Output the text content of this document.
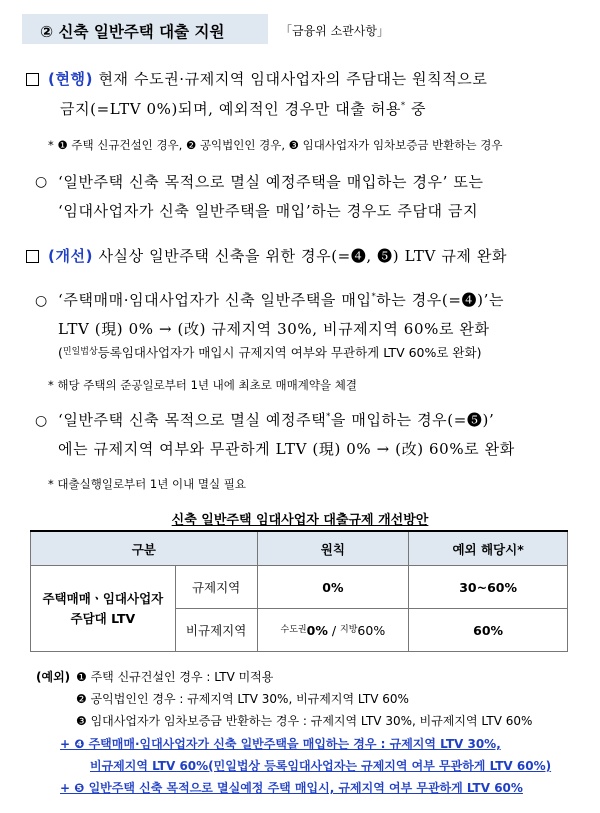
② 신축 일반주택 대출 지원	「금융위 소관사항」
(현행) 현재 수도권·규제지역 임대사업자의 주담대는 원칙적으로
금지(=LTV 0%)되며, 예외적인 경우만 대출 허용* 중
* ❶ 주택 신규건설인 경우, ❷ 공익법인인 경우, ❸ 임대사업자가 임차보증금 반환하는 경우
○ ‘일반주택 신축 목적으로 멸실 예정주택을 매입하는 경우’ 또는
‘임대사업자가 신축 일반주택을 매입’하는 경우도 주담대 금지
(개선) 사실상 일반주택 신축을 위한 경우(=❹, ❺) LTV 규제 완화
○ ‘주택매매·임대사업자가 신축 일반주택을 매입*하는 경우(=❹)’는
LTV (現) 0% → (改) 규제지역 30%, 비규제지역 60%로 완화
($^{민일법상}$등록임대사업자가 매입시 규제지역 여부와 무관하게 LTV 60%로 완화)
* 해당 주택의 준공일로부터 1년 내에 최초로 매매계약을 체결
○ ‘일반주택 신축 목적으로 멸실 예정주택*을 매입하는 경우(=❺)’
에는 규제지역 여부와 무관하게 LTV (現) 0% → (改) 60%로 완화
* 대출실행일로부터 1년 이내 멸실 필요
신축 일반주택 임대사업자 대출규제 개선방안
구분		원칙	예외 해당시*
주택매매ㆍ임대사업자
주담대 LTV	규제지역	0%	30~60%
	비규제지역	$^{수도권}$0% / $^{지방}$60%	60%
(예외) ❶ 주택 신규건설인 경우 : LTV 미적용
❷ 공익법인인 경우 : 규제지역 LTV 30%, 비규제지역 LTV 60%
❸ 임대사업자가 임차보증금 반환하는 경우 : 규제지역 LTV 30%, 비규제지역 LTV 60%
+ ❹ 주택매매·임대사업자가 신축 일반주택을 매입하는 경우 : 규제지역 LTV 30%,
비규제지역 LTV 60%(민일법상 등록임대사업자는 규제지역 여부 무관하게 LTV 60%)
+ ❺ 일반주택 신축 목적으로 멸실예정 주택 매입시, 규제지역 여부 무관하게 LTV 60%
